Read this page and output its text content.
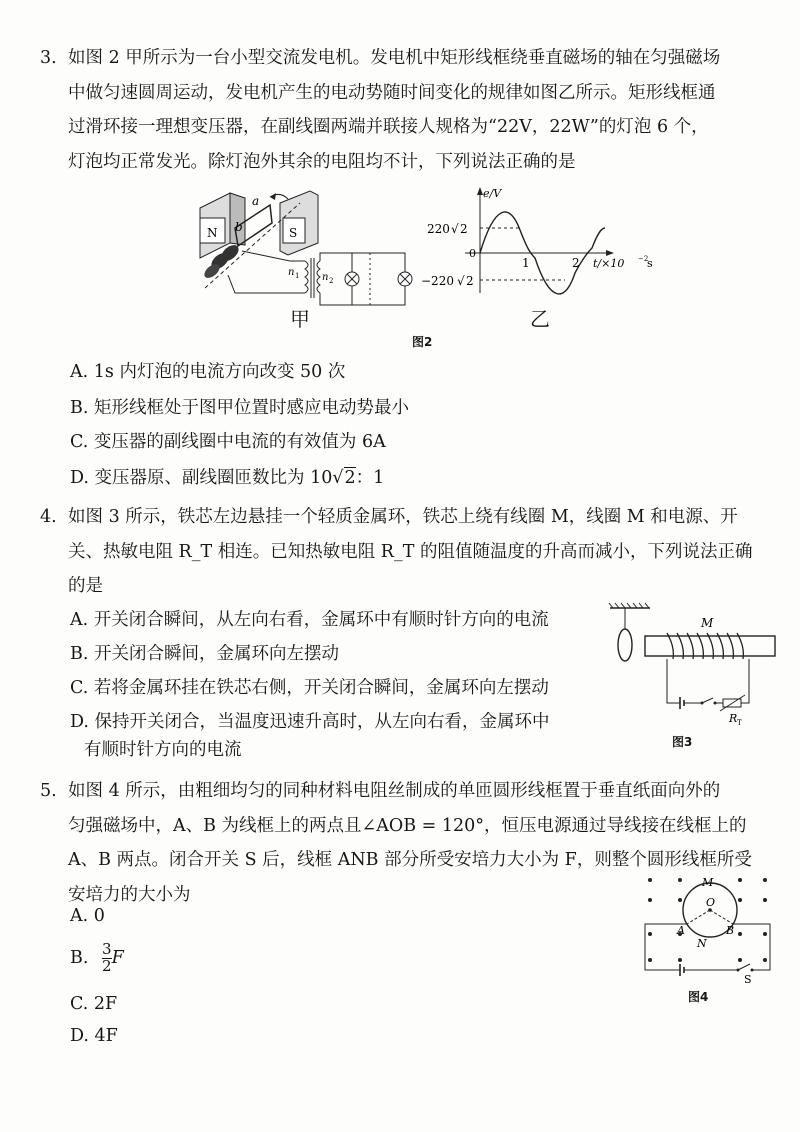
3. 如图 2 甲所示为一台小型交流发电机。发电机中矩形线框绕垂直磁场的轴在匀强磁场
中做匀速圆周运动，发电机产生的电动势随时间变化的规律如图乙所示。矩形线框通
过滑环接一理想变压器，在副线圈两端并联接人规格为“22V，22W”的灯泡 6 个，
灯泡均正常发光。除灯泡外其余的电阻均不计，下列说法正确的是

N	S
a
b
n 1 n 2
甲
e/V
0
220 √ 2
−220 √ 2
1	2 t/×10 −2
s
乙
图2
A. 1s 内灯泡的电流方向改变 50 次
B. 矩形线框处于图甲位置时感应电动势最小
C. 变压器的副线圈中电流的有效值为 6A
D. 变压器原、副线圈匝数比为 10√2：1

4. 如图 3 所示，铁芯左边悬挂一个轻质金属环，铁芯上绕有线圈 M，线圈 M 和电源、开
关、热敏电阻 R_T 相连。已知热敏电阻 R_T 的阻值随温度的升高而减小，下列说法正确
的是

A. 开关闭合瞬间，从左向右看，金属环中有顺时针方向的电流
B. 开关闭合瞬间，金属环向左摆动
C. 若将金属环挂在铁芯右侧，开关闭合瞬间，金属环向左摆动
D. 保持开关闭合，当温度迅速升高时，从左向右看，金属环中
有顺时针方向的电流
M
R T
图3

5. 如图 4 所示，由粗细均匀的同种材料电阻丝制成的单匝圆形线框置于垂直纸面向外的
匀强磁场中，A、B 为线框上的两点且∠AOB = 120°，恒压电源通过导线接在线框上的
A、B 两点。闭合开关 S 后，线框 ANB 部分所受安培力大小为 F，则整个圆形线框所受
安培力的大小为

A. 0
B. $\frac{3}{2}$ F
C. 2F
D. 4F
M
O
A
N
B
S
图4
